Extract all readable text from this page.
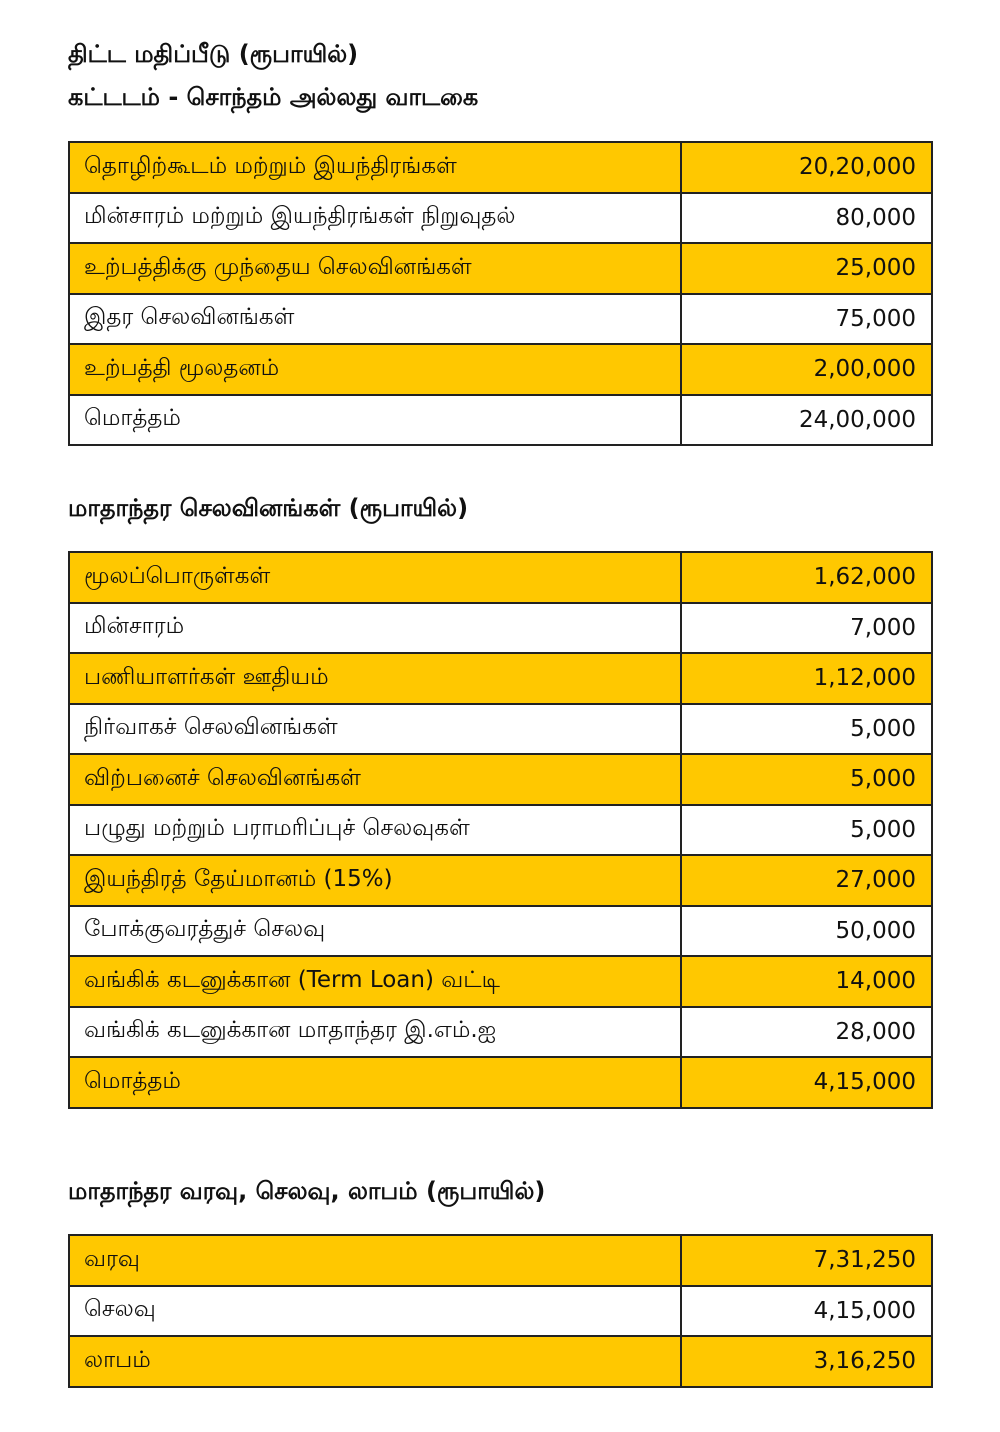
திட்ட மதிப்பீடு (ரூபாயில்)
கட்டடம் - சொந்தம் அல்லது வாடகை
தொழிற்கூடம் மற்றும் இயந்திரங்கள்	20,20,000
மின்சாரம் மற்றும் இயந்திரங்கள் நிறுவுதல்	80,000
உற்பத்திக்கு முந்தைய செலவினங்கள்	25,000
இதர செலவினங்கள்	75,000
உற்பத்தி மூலதனம்	2,00,000
மொத்தம்	24,00,000
மாதாந்தர செலவினங்கள் (ரூபாயில்)
மூலப்பொருள்கள்	1,62,000
மின்சாரம்	7,000
பணியாளர்கள் ஊதியம்	1,12,000
நிர்வாகச் செலவினங்கள்	5,000
விற்பனைச் செலவினங்கள்	5,000
பழுது மற்றும் பராமரிப்புச் செலவுகள்	5,000
இயந்திரத் தேய்மானம் (15%)	27,000
போக்குவரத்துச் செலவு	50,000
வங்கிக் கடனுக்கான (Term Loan) வட்டி	14,000
வங்கிக் கடனுக்கான மாதாந்தர இ.எம்.ஐ	28,000
மொத்தம்	4,15,000
மாதாந்தர வரவு, செலவு, லாபம் (ரூபாயில்)
வரவு	7,31,250
செலவு	4,15,000
லாபம்	3,16,250
